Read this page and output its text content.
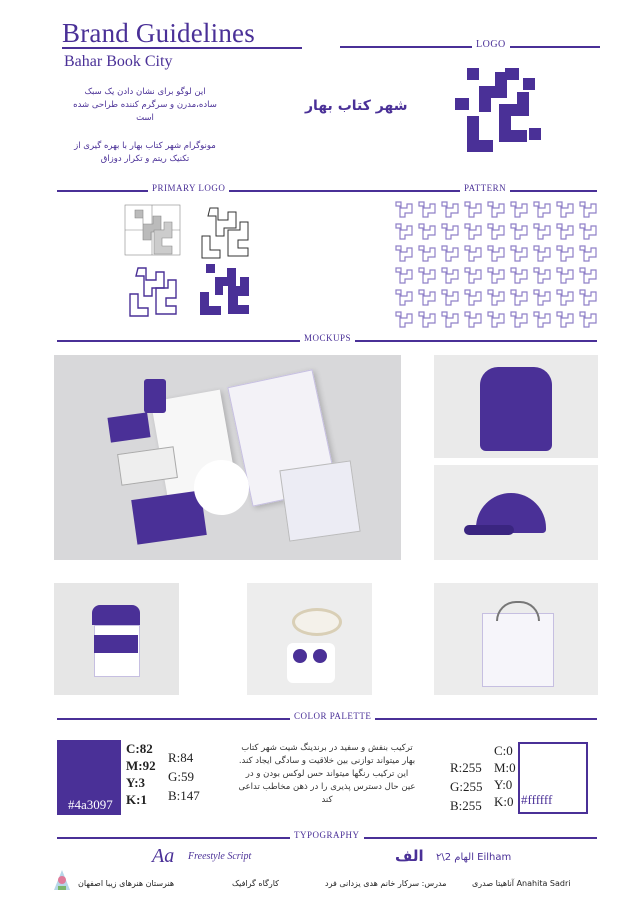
Brand Guidelines
Bahar Book City
این لوگو برای نشان دادن یک سبک ساده،مدرن و سرگرم کننده طراحی شده است
مونوگرام شهر کتاب بهار با بهره گیری از تکنیک ریتم و تکرار دوزاق
LOGO
شهر کتاب بهار
PRIMARY LOGO	PATTERN
MOCKUPS
COLOR PALETTE
#4a3097
C:82
M:92
Y:3
K:1
R:84
G:59
B:147
ترکیب بنفش و سفید در برندینگ شیت شهر کتاب بهار میتواند توازنی بین خلاقیت و سادگی ایجاد کند. این ترکیب رنگها میتواند حس لوکس بودن و در عین حال دسترس پذیری را در ذهن مخاطب تداعی کند
R:255
G:255
B:255
C:0
M:0
Y:0
K:0 #ffffff
TYPOGRAPHY
Aa Freestyle Script	الف ۲\الهام 2 Eilham
هنرستان هنرهای زیبا اصفهان	کارگاه گرافیک	مدرس: سرکار خانم هدی یزدانی فرد	آناهیتا صدری Anahita Sadri
